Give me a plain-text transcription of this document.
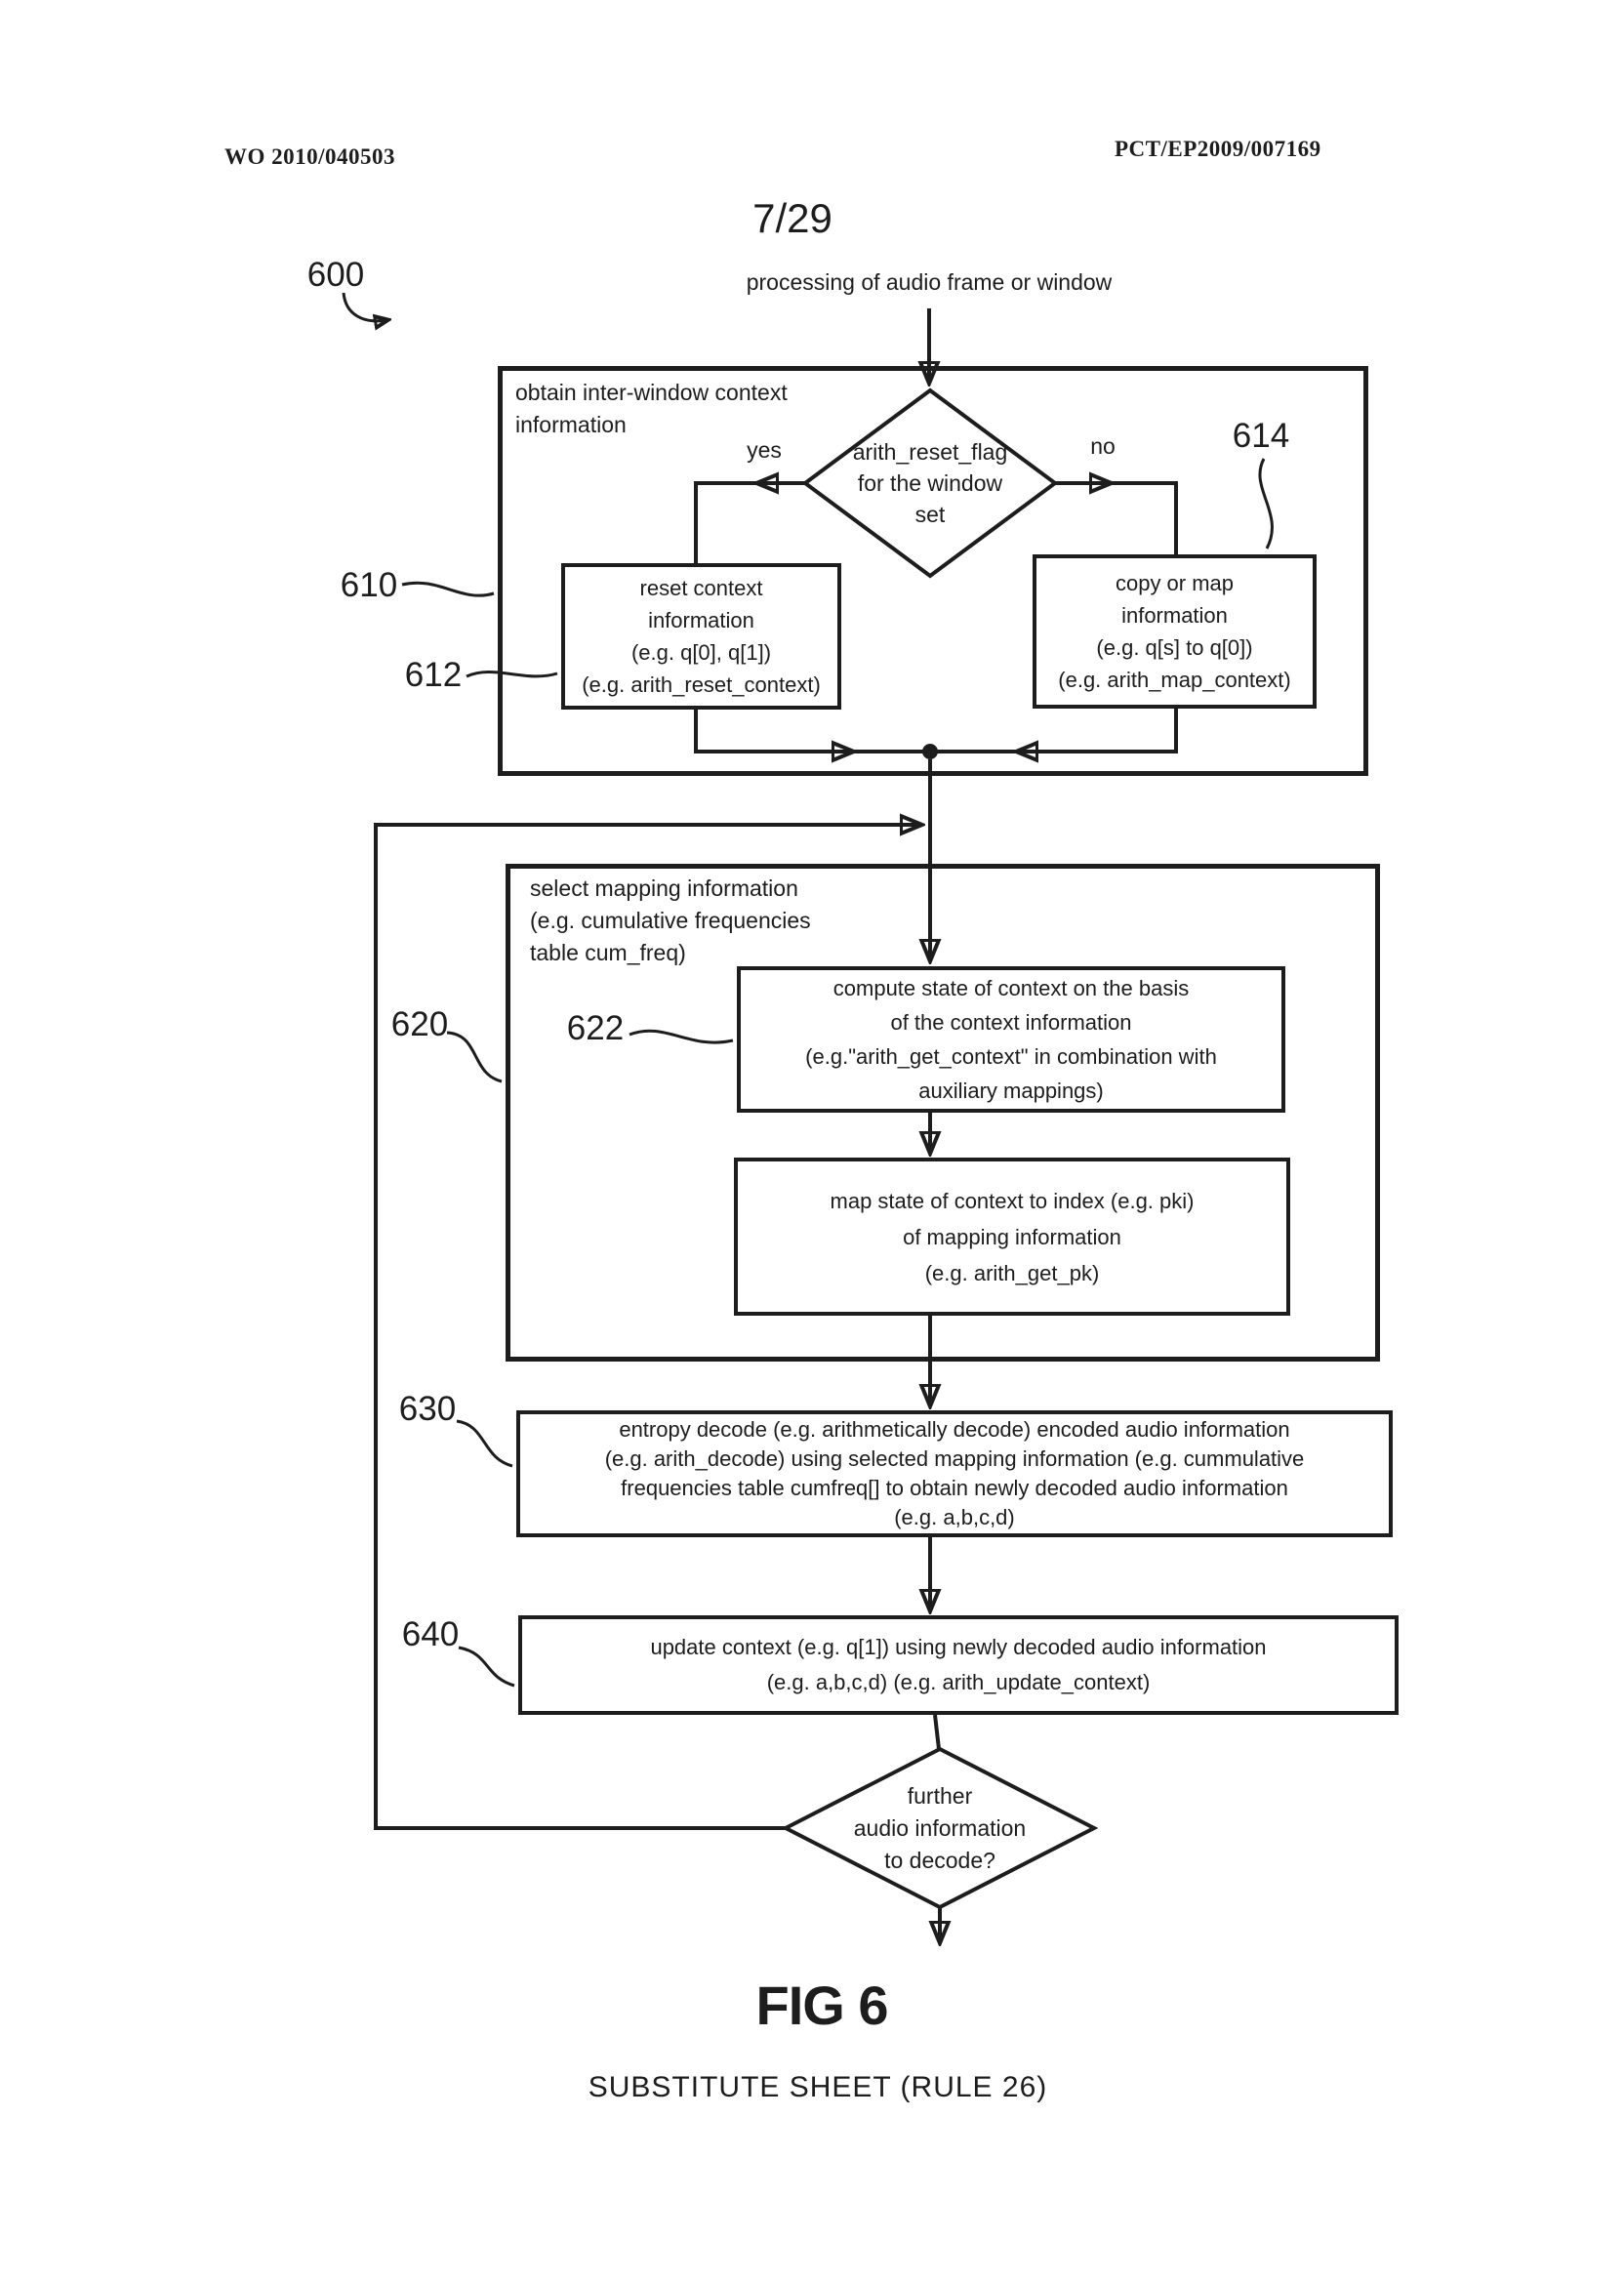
WO 2010/040503	PCT/EP2009/007169
7/29
600	processing of audio frame or window
obtain inter-window context
information
arith_reset_flag
for the window
set
yes	no
reset context
information
(e.g. q[0], q[1])
(e.g. arith_reset_context)
copy or map
information
(e.g. q[s] to q[0])
(e.g. arith_map_context)
610
612
614
620	622
630
640
select mapping information
(e.g. cumulative frequencies
table cum_freq)
compute state of context on the basis
of the context information
(e.g."arith_get_context" in combination with
auxiliary mappings)
map state of context to index (e.g. pki)
of mapping information
(e.g. arith_get_pk)
entropy decode (e.g. arithmetically decode) encoded audio information
(e.g. arith_decode) using selected mapping information (e.g. cummulative
frequencies table cumfreq[] to obtain newly decoded audio information
(e.g. a,b,c,d)
update context (e.g. q[1]) using newly decoded audio information
(e.g. a,b,c,d) (e.g. arith_update_context)
further
audio information
to decode?
FIG 6
SUBSTITUTE SHEET (RULE 26)
